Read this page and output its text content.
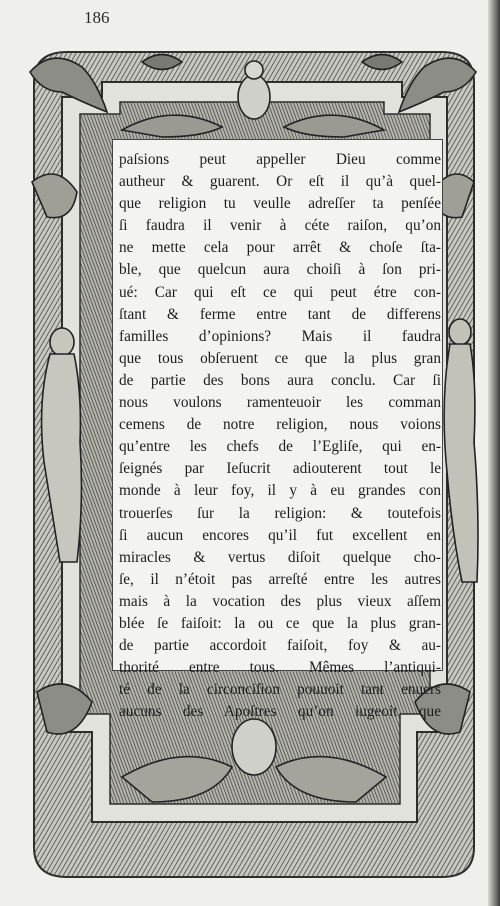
186
paſsions peut appeller Dieu comme
autheur & guarent. Or eſt il qu’à quel-
que religion tu veulle adreſſer ta penſée
ſi faudra il venir à céte raiſon, qu’on
ne mette cela pour arrêt & choſe ſta-
ble, que quelcun aura choiſi à ſon pri-
ué: Car qui eſt ce qui peut étre con-
ſtant & ferme entre tant de differens
familles d’opinions? Mais il faudra
que tous obſeruent ce que la plus gran
de partie des bons aura conclu. Car ſi
nous voulons ramenteuoir les comman
cemens de notre religion, nous voions
qu’entre les chefs de l’Egliſe, qui en-
ſeignés par Ieſucrit adiouterent tout le
monde à leur foy, il y à eu grandes con
trouerſes ſur la religion: & toutefois
ſi aucun encores qu’il fut excellent en
miracles & vertus diſoit quelque cho-
ſe, il n’étoit pas arreſté entre les autres
mais à la vocation des plus vieux aſſem
blée ſe faiſoit: la ou ce que la plus gran-
de partie accordoit faiſoit, foy & au-
thorité entre tous. Mêmes l’antiqui-
té de la circonciſion pouuoit tant enuers
aucuns des Apoſtres qu’on iugeoit que
